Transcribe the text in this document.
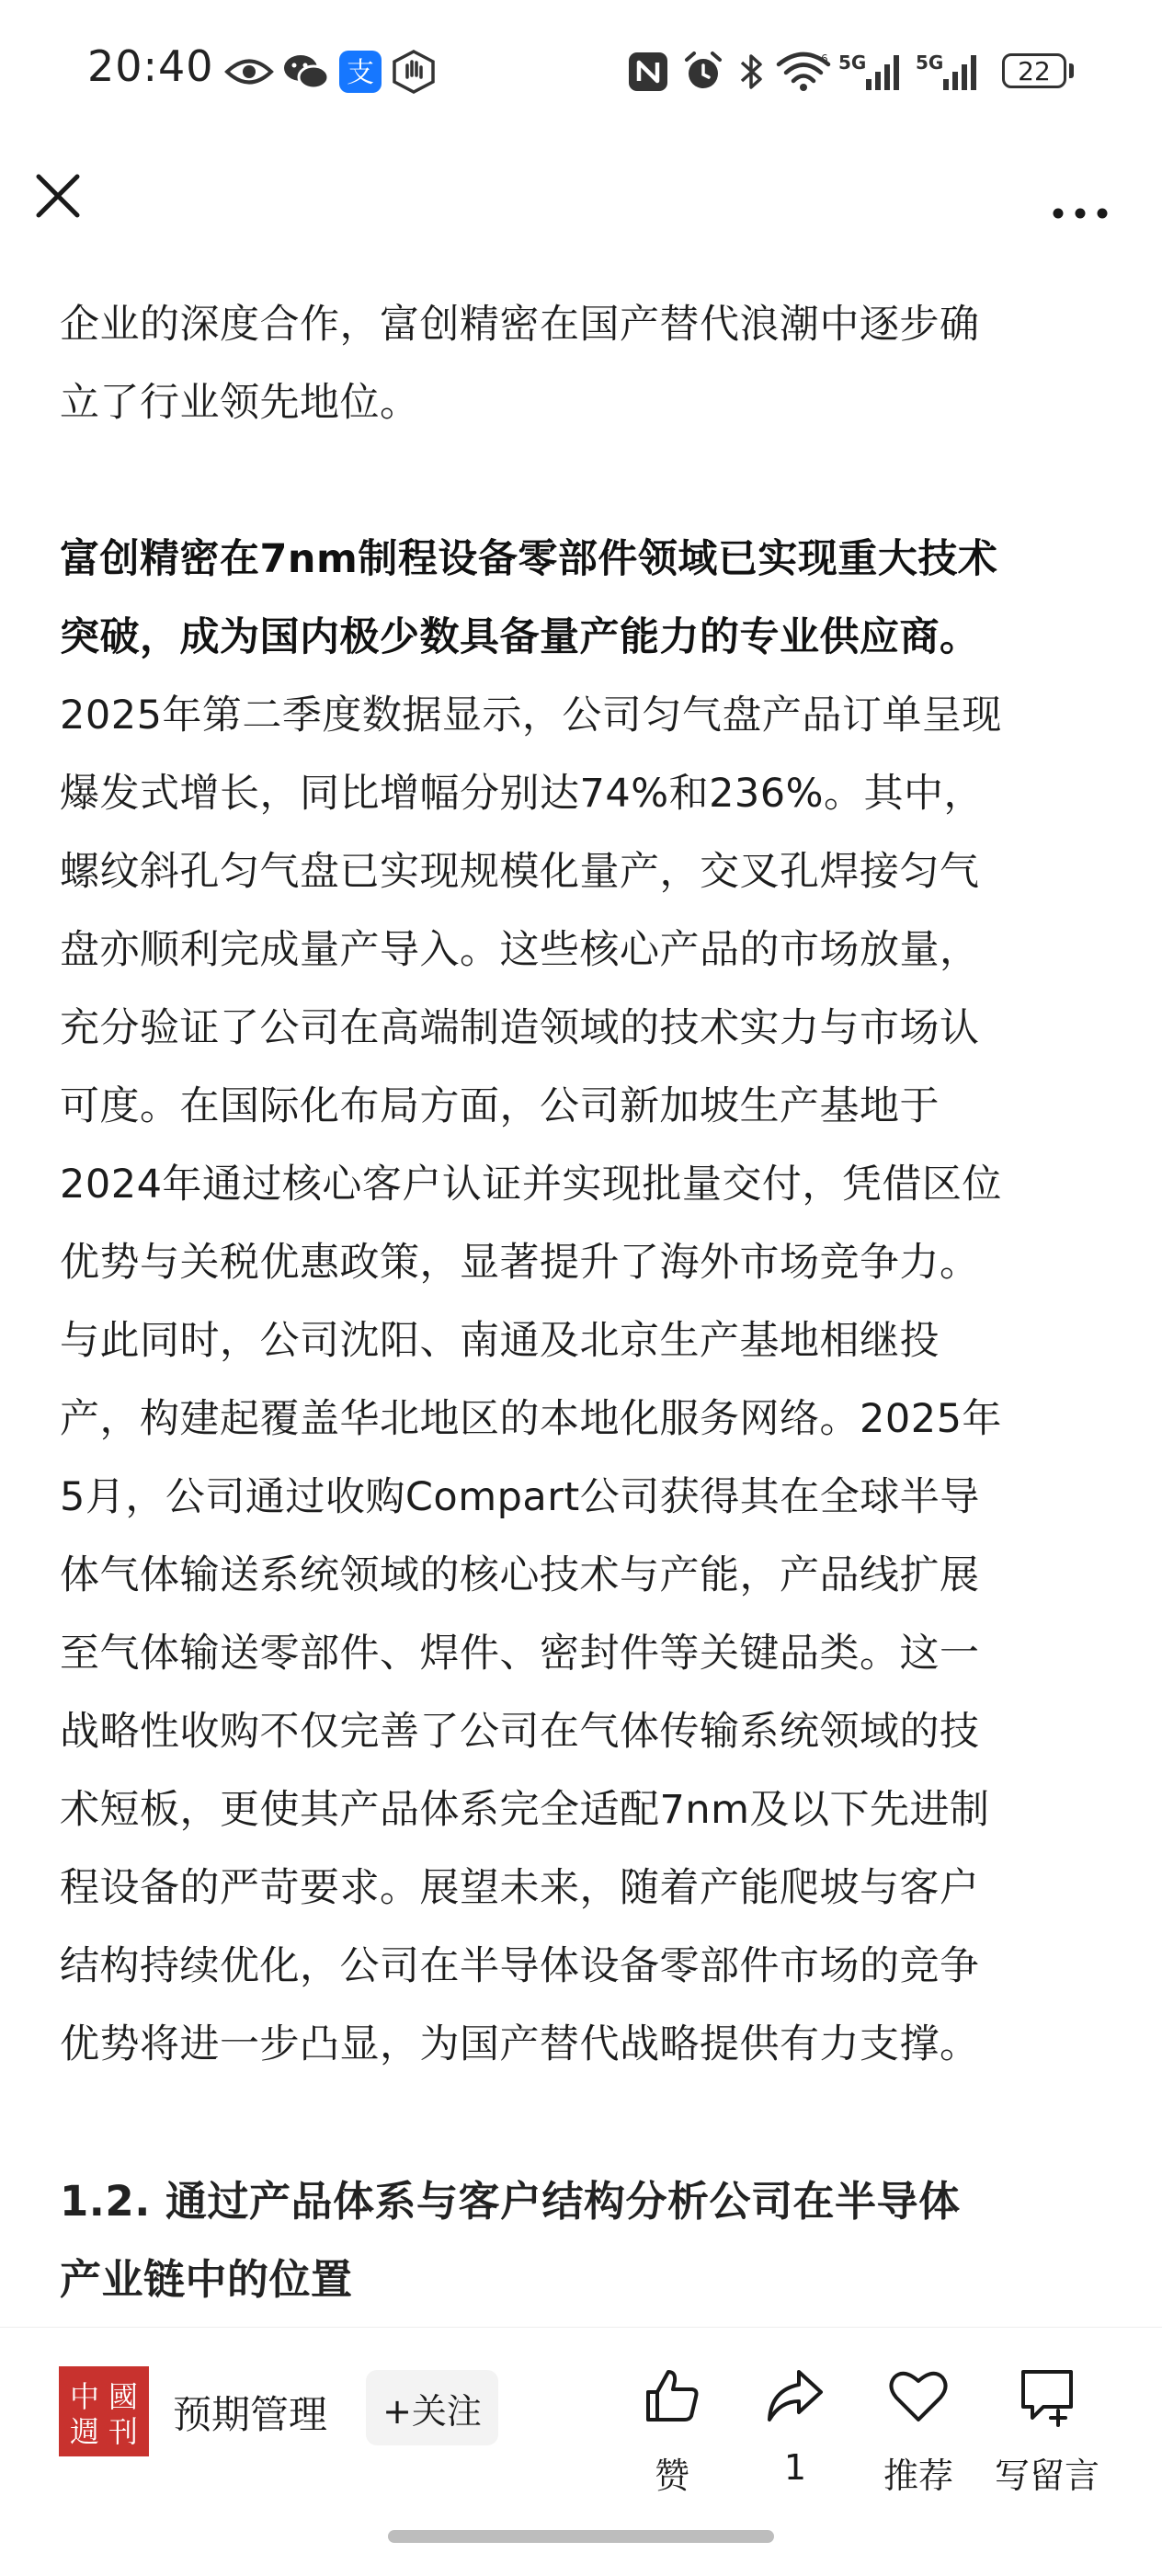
20:40	支	6 5G	5G	22
企业的深度合作，富创精密在国产替代浪潮中逐步确
立了行业领先地位。
富创精密在7nm制程设备零部件领域已实现重大技术
突破，成为国内极少数具备量产能力的专业供应商。
2025年第二季度数据显示，公司匀气盘产品订单呈现
爆发式增长，同比增幅分别达74%和236%。其中，
螺纹斜孔匀气盘已实现规模化量产，交叉孔焊接匀气
盘亦顺利完成量产导入。这些核心产品的市场放量，
充分验证了公司在高端制造领域的技术实力与市场认
可度。在国际化布局方面，公司新加坡生产基地于
2024年通过核心客户认证并实现批量交付，凭借区位
优势与关税优惠政策，显著提升了海外市场竞争力。
与此同时，公司沈阳、南通及北京生产基地相继投
产，构建起覆盖华北地区的本地化服务网络。2025年
5月，公司通过收购Compart公司获得其在全球半导
体气体输送系统领域的核心技术与产能，产品线扩展
至气体输送零部件、焊件、密封件等关键品类。这一
战略性收购不仅完善了公司在气体传输系统领域的技
术短板，更使其产品体系完全适配7nm及以下先进制
程设备的严苛要求。展望未来，随着产能爬坡与客户
结构持续优化，公司在半导体设备零部件市场的竞争
优势将进一步凸显，为国产替代战略提供有力支撑。
1.2. 通过产品体系与客户结构分析公司在半导体
产业链中的位置
中 國
週 刊 预期管理	+关注
赞	1	推荐	写留言
